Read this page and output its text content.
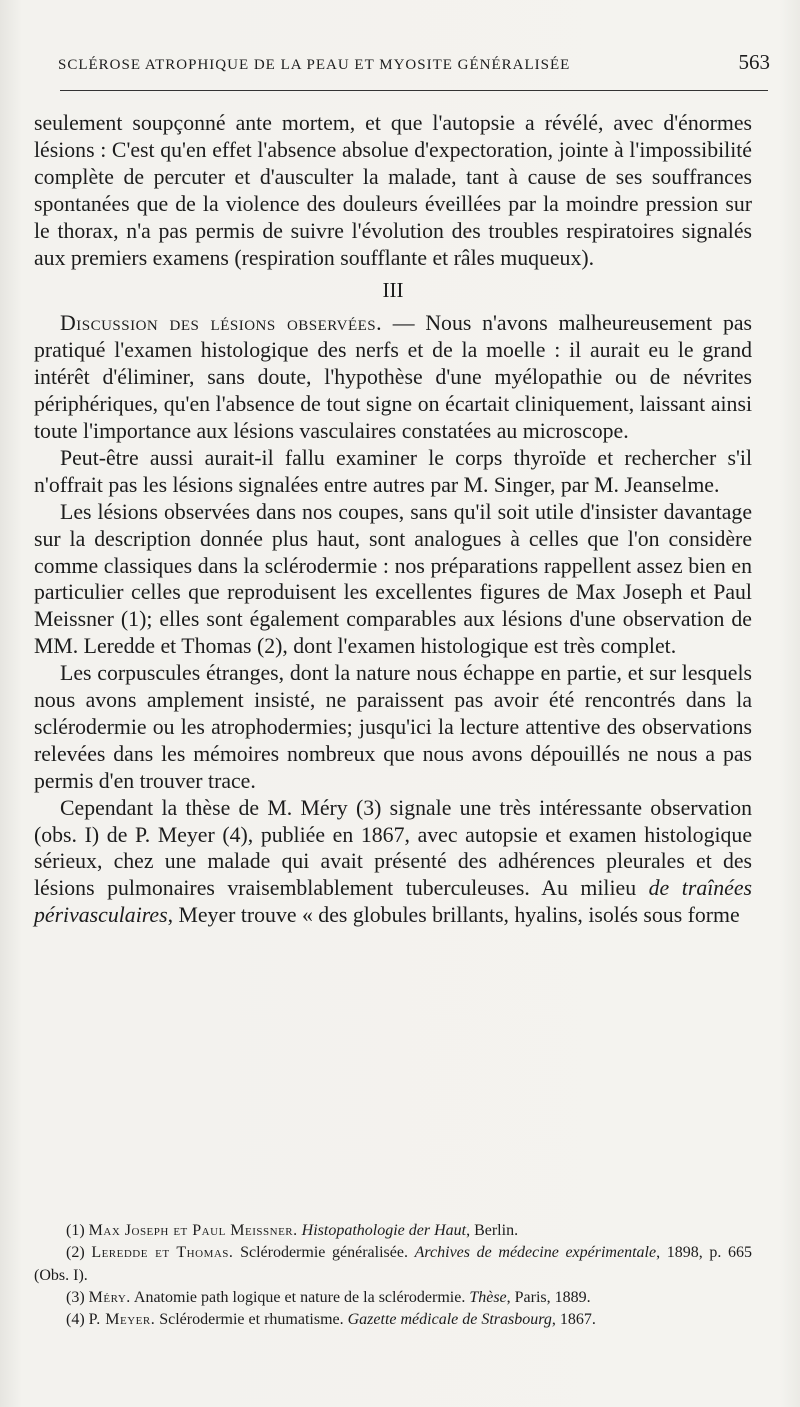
SCLÉROSE ATROPHIQUE DE LA PEAU ET MYOSITE GÉNÉRALISÉE	563

seulement soupçonné ante mortem, et que l'autopsie a révélé, avec d'énormes lésions : C'est qu'en effet l'absence absolue d'expectoration, jointe à l'impossibilité complète de percuter et d'ausculter la malade, tant à cause de ses souffrances spontanées que de la violence des douleurs éveillées par la moindre pression sur le thorax, n'a pas permis de suivre l'évolution des troubles respiratoires signalés aux premiers examens (respiration soufflante et râles muqueux).

III

Discussion des lésions observées. — Nous n'avons malheureusement pas pratiqué l'examen histologique des nerfs et de la moelle : il aurait eu le grand intérêt d'éliminer, sans doute, l'hypothèse d'une myélopathie ou de névrites périphériques, qu'en l'absence de tout signe on écartait cliniquement, laissant ainsi toute l'importance aux lésions vasculaires constatées au microscope.

Peut-être aussi aurait-il fallu examiner le corps thyroïde et rechercher s'il n'offrait pas les lésions signalées entre autres par M. Singer, par M. Jeanselme.

Les lésions observées dans nos coupes, sans qu'il soit utile d'insister davantage sur la description donnée plus haut, sont analogues à celles que l'on considère comme classiques dans la sclérodermie : nos préparations rappellent assez bien en particulier celles que reproduisent les excellentes figures de Max Joseph et Paul Meissner (1); elles sont également comparables aux lésions d'une observation de MM. Leredde et Thomas (2), dont l'examen histologique est très complet.

Les corpuscules étranges, dont la nature nous échappe en partie, et sur lesquels nous avons amplement insisté, ne paraissent pas avoir été rencontrés dans la sclérodermie ou les atrophodermies; jusqu'ici la lecture attentive des observations relevées dans les mémoires nombreux que nous avons dépouillés ne nous a pas permis d'en trouver trace.

Cependant la thèse de M. Méry (3) signale une très intéressante observation (obs. I) de P. Meyer (4), publiée en 1867, avec autopsie et examen histologique sérieux, chez une malade qui avait présenté des adhérences pleurales et des lésions pulmonaires vraisemblablement tuberculeuses. Au milieu de traînées périvasculaires, Meyer trouve « des globules brillants, hyalins, isolés sous forme

(1) Max Joseph et Paul Meissner. Histopathologie der Haut, Berlin.

(2) Leredde et Thomas. Sclérodermie généralisée. Archives de médecine expérimentale, 1898, p. 665 (Obs. I).

(3) Méry. Anatomie path logique et nature de la sclérodermie. Thèse, Paris, 1889.

(4) P. Meyer. Sclérodermie et rhumatisme. Gazette médicale de Strasbourg, 1867.
